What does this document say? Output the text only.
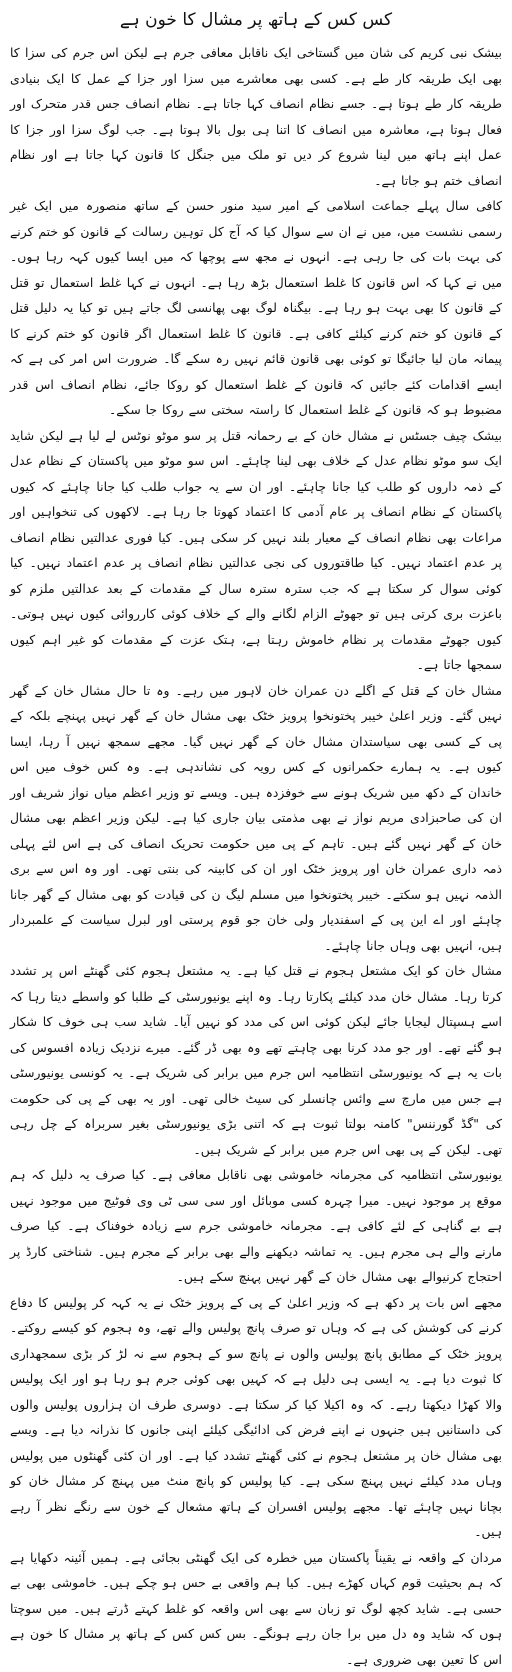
کس کس کے ہاتھ پر مشال کا خون ہے

بیشک نبی کریم کی شان میں گستاخی ایک ناقابل معافی جرم ہے لیکن اس جرم کی سزا کا بھی ایک طریقہ کار طے ہے۔ کسی بھی معاشرے میں سزا اور جزا کے عمل کا ایک بنیادی طریقہ کار طے ہوتا ہے۔ جسے نظام انصاف کہا جاتا ہے۔ نظام انصاف جس قدر متحرک اور فعال ہوتا ہے، معاشرہ میں انصاف کا اتنا ہی بول بالا ہوتا ہے۔ جب لوگ سزا اور جزا کا عمل اپنے ہاتھ میں لینا شروع کر دیں تو ملک میں جنگل کا قانون کہا جاتا ہے اور نظام انصاف ختم ہو جاتا ہے۔

کافی سال پہلے جماعت اسلامی کے امیر سید منور حسن کے ساتھ منصورہ میں ایک غیر رسمی نشست میں، میں نے ان سے سوال کیا کہ آج کل توہین رسالت کے قانون کو ختم کرنے کی بہت بات کی جا رہی ہے۔ انہوں نے مجھ سے پوچھا کہ میں ایسا کیوں کہہ رہا ہوں۔ میں نے کہا کہ اس قانون کا غلط استعمال بڑھ رہا ہے۔ انہوں نے کہا غلط استعمال تو قتل کے قانون کا بھی بہت ہو رہا ہے۔ بیگناہ لوگ بھی پھانسی لگ جاتے ہیں تو کیا یہ دلیل قتل کے قانون کو ختم کرنے کیلئے کافی ہے۔ قانون کا غلط استعمال اگر قانون کو ختم کرنے کا پیمانہ مان لیا جائیگا تو کوئی بھی قانون قائم نہیں رہ سکے گا۔ ضرورت اس امر کی ہے کہ ایسے اقدامات کئے جائیں کہ قانون کے غلط استعمال کو روکا جائے، نظام انصاف اس قدر مضبوط ہو کہ قانون کے غلط استعمال کا راستہ سختی سے روکا جا سکے۔

بیشک چیف جسٹس نے مشال خان کے بے رحمانہ قتل پر سو موٹو نوٹس لے لیا ہے لیکن شاید ایک سو موٹو نظام عدل کے خلاف بھی لینا چاہئے۔ اس سو موٹو میں پاکستان کے نظام عدل کے ذمہ داروں کو طلب کیا جانا چاہئے۔ اور ان سے یہ جواب طلب کیا جانا چاہئے کہ کیوں پاکستان کے نظام انصاف پر عام آدمی کا اعتماد کھوتا جا رہا ہے۔ لاکھوں کی تنخواہیں اور مراعات بھی نظام انصاف کے معیار بلند نہیں کر سکی ہیں۔ کیا فوری عدالتیں نظام انصاف پر عدم اعتماد نہیں۔ کیا طاقتوروں کی نجی عدالتیں نظام انصاف پر عدم اعتماد نہیں۔ کیا کوئی سوال کر سکتا ہے کہ جب سترہ سترہ سال کے مقدمات کے بعد عدالتیں ملزم کو باعزت بری کرتی ہیں تو جھوٹے الزام لگانے والے کے خلاف کوئی کارروائی کیوں نہیں ہوتی۔ کیوں جھوٹے مقدمات پر نظام خاموش رہتا ہے، ہتک عزت کے مقدمات کو غیر اہم کیوں سمجھا جاتا ہے۔

مشال خان کے قتل کے اگلے دن عمران خان لاہور میں رہے۔ وہ تا حال مشال خان کے گھر نہیں گئے۔ وزیر اعلیٰ خیبر پختونخوا پرویز خٹک بھی مشال خان کے گھر نہیں پہنچے بلکہ کے پی کے کسی بھی سیاستدان مشال خان کے گھر نہیں گیا۔ مجھے سمجھ نہیں آ رہا، ایسا کیوں ہے۔ یہ ہمارے حکمرانوں کے کس رویہ کی نشاندہی ہے۔ وہ کس خوف میں اس خاندان کے دکھ میں شریک ہونے سے خوفزدہ ہیں۔ ویسے تو وزیر اعظم میاں نواز شریف اور ان کی صاحبزادی مریم نواز نے بھی مذمتی بیان جاری کیا ہے۔ لیکن وزیر اعظم بھی مشال خان کے گھر نہیں گئے ہیں۔ تاہم کے پی میں حکومت تحریک انصاف کی ہے اس لئے پہلی ذمہ داری عمران خان اور پرویز خٹک اور ان کی کابینہ کی بنتی تھی۔ اور وہ اس سے بری الذمہ نہیں ہو سکتے۔ خیبر پختونخوا میں مسلم لیگ ن کی قیادت کو بھی مشال کے گھر جانا چاہئے اور اے این پی کے اسفندیار ولی خان جو قوم پرستی اور لبرل سیاست کے علمبردار ہیں، انہیں بھی وہاں جانا چاہئے۔

مشال خان کو ایک مشتعل ہجوم نے قتل کیا ہے۔ یہ مشتعل ہجوم کئی گھنٹے اس پر تشدد کرتا رہا۔ مشال خان مدد کیلئے پکارتا رہا۔ وہ اپنے یونیورسٹی کے طلبا کو واسطے دیتا رہا کہ اسے ہسپتال لیجایا جائے لیکن کوئی اس کی مدد کو نہیں آیا۔ شاید سب ہی خوف کا شکار ہو گئے تھے۔ اور جو مدد کرنا بھی چاہتے تھے وہ بھی ڈر گئے۔ میرے نزدیک زیادہ افسوس کی بات یہ ہے کہ یونیورسٹی انتظامیہ اس جرم میں برابر کی شریک ہے۔ یہ کونسی یونیورسٹی ہے جس میں مارچ سے وائس چانسلر کی سیٹ خالی تھی۔ اور یہ بھی کے پی کی حکومت کی "گڈ گورننس" کامنہ بولتا ثبوت ہے کہ اتنی بڑی یونیورسٹی بغیر سربراہ کے چل رہی تھی۔ لیکن کے پی بھی اس جرم میں برابر کے شریک ہیں۔

یونیورسٹی انتظامیہ کی مجرمانہ خاموشی بھی ناقابل معافی ہے۔ کیا صرف یہ دلیل کہ ہم موقع پر موجود نہیں۔ میرا چہرہ کسی موبائل اور سی سی ٹی وی فوٹیج میں موجود نہیں ہے بے گناہی کے لئے کافی ہے۔ مجرمانہ خاموشی جرم سے زیادہ خوفناک ہے۔ کیا صرف مارنے والے ہی مجرم ہیں۔ یہ تماشہ دیکھنے والے بھی برابر کے مجرم ہیں۔ شناختی کارڈ پر احتجاج کرنیوالے بھی مشال خان کے گھر نہیں پہنچ سکے ہیں۔

مجھے اس بات پر دکھ ہے کہ وزیر اعلیٰ کے پی کے پرویز خٹک نے یہ کہہ کر پولیس کا دفاع کرنے کی کوشش کی ہے کہ وہاں تو صرف پانچ پولیس والے تھے، وہ ہجوم کو کیسے روکتے۔ پرویز خٹک کے مطابق پانچ پولیس والوں نے پانچ سو کے ہجوم سے نہ لڑ کر بڑی سمجھداری کا ثبوت دیا ہے۔ یہ ایسی ہی دلیل ہے کہ کہیں بھی کوئی جرم ہو رہا ہو اور ایک پولیس والا کھڑا دیکھتا رہے۔ کہ وہ اکیلا کیا کر سکتا ہے۔ دوسری طرف ان ہزاروں پولیس والوں کی داستانیں ہیں جنہوں نے اپنے فرض کی ادائیگی کیلئے اپنی جانوں کا نذرانہ دیا ہے۔ ویسے بھی مشال خان پر مشتعل ہجوم نے کئی گھنٹے تشدد کیا ہے۔ اور ان کئی گھنٹوں میں پولیس وہاں مدد کیلئے نہیں پہنچ سکی ہے۔ کیا پولیس کو پانچ منٹ میں پہنچ کر مشال خان کو بچانا نہیں چاہئے تھا۔ مجھے پولیس افسران کے ہاتھ مشعال کے خون سے رنگے نظر آ رہے ہیں۔

مردان کے واقعہ نے یقیناً پاکستان میں خطرہ کی ایک گھنٹی بجائی ہے۔ ہمیں آئینہ دکھایا ہے کہ ہم بحیثیت قوم کہاں کھڑے ہیں۔ کیا ہم واقعی بے حس ہو چکے ہیں۔ خاموشی بھی بے حسی ہے۔ شاید کچھ لوگ تو زبان سے بھی اس واقعہ کو غلط کہتے ڈرتے ہیں۔ میں سوچتا ہوں کہ شاید وہ دل میں برا جان رہے ہونگے۔ بس کس کس کے ہاتھ پر مشال کا خون ہے اس کا تعین بھی ضروری ہے۔
